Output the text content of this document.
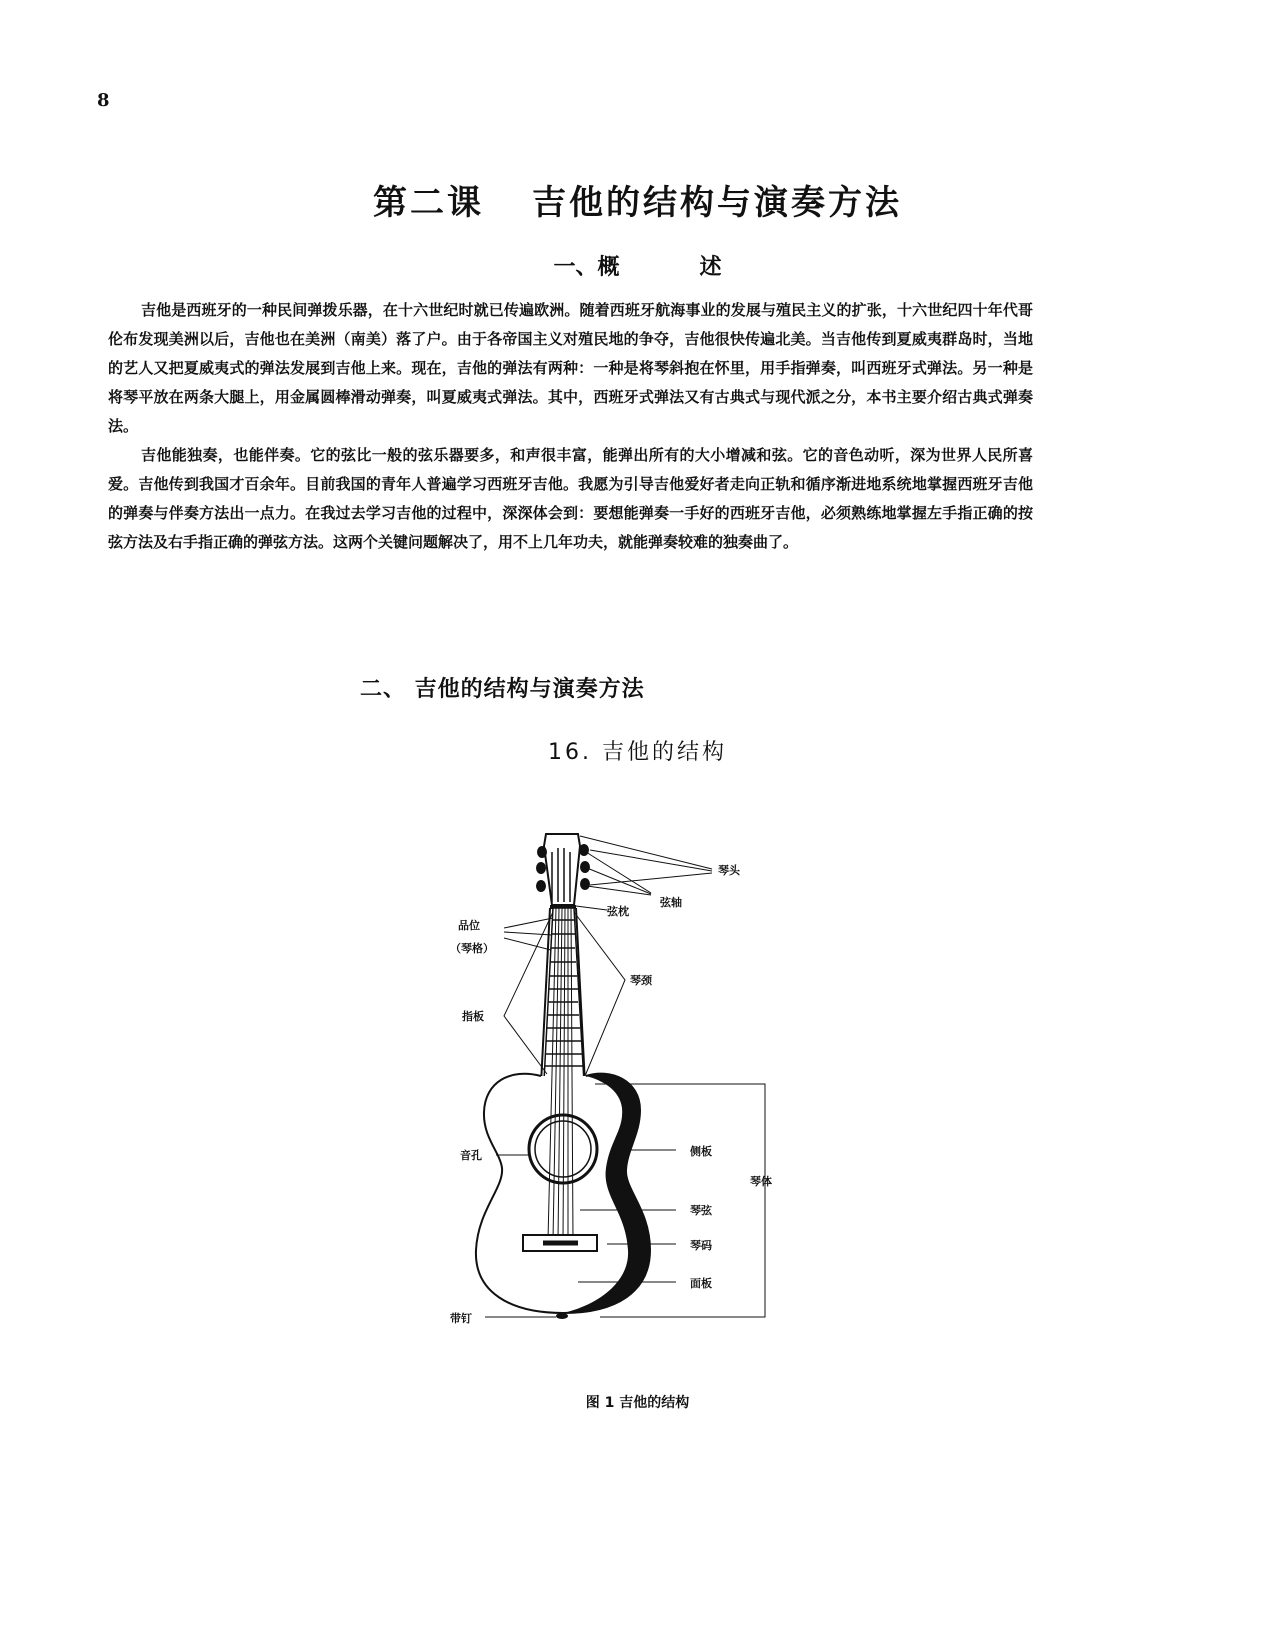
8
第二课 吉他的结构与演奏方法
一、概	述

吉他是西班牙的一种民间弹拨乐器，在十六世纪时就已传遍欧洲。随着西班牙航海事业的发展与殖民主义的扩张，十六世纪四十年代哥伦布发现美洲以后，吉他也在美洲（南美）落了户。由于各帝国主义对殖民地的争夺，吉他很快传遍北美。当吉他传到夏威夷群岛时，当地的艺人又把夏威夷式的弹法发展到吉他上来。现在，吉他的弹法有两种：一种是将琴斜抱在怀里，用手指弹奏，叫西班牙式弹法。另一种是将琴平放在两条大腿上，用金属圆棒滑动弹奏，叫夏威夷式弹法。其中，西班牙式弹法又有古典式与现代派之分，本书主要介绍古典式弹奏法。

吉他能独奏，也能伴奏。它的弦比一般的弦乐器要多，和声很丰富，能弹出所有的大小增减和弦。它的音色动听，深为世界人民所喜爱。吉他传到我国才百余年。目前我国的青年人普遍学习西班牙吉他。我愿为引导吉他爱好者走向正轨和循序渐进地系统地掌握西班牙吉他的弹奏与伴奏方法出一点力。在我过去学习吉他的过程中，深深体会到：要想能弹奏一手好的西班牙吉他，必须熟练地掌握左手指正确的按弦方法及右手指正确的弹弦方法。这两个关键问题解决了，用不上几年功夫，就能弹奏较难的独奏曲了。

二、 吉他的结构与演奏方法
16. 吉他的结构
琴头
弦轴
弦枕
品位
（琴格）
琴颈
指板
音孔	侧板
琴体
琴弦
琴码
面板
带钉
图 1 吉他的结构
